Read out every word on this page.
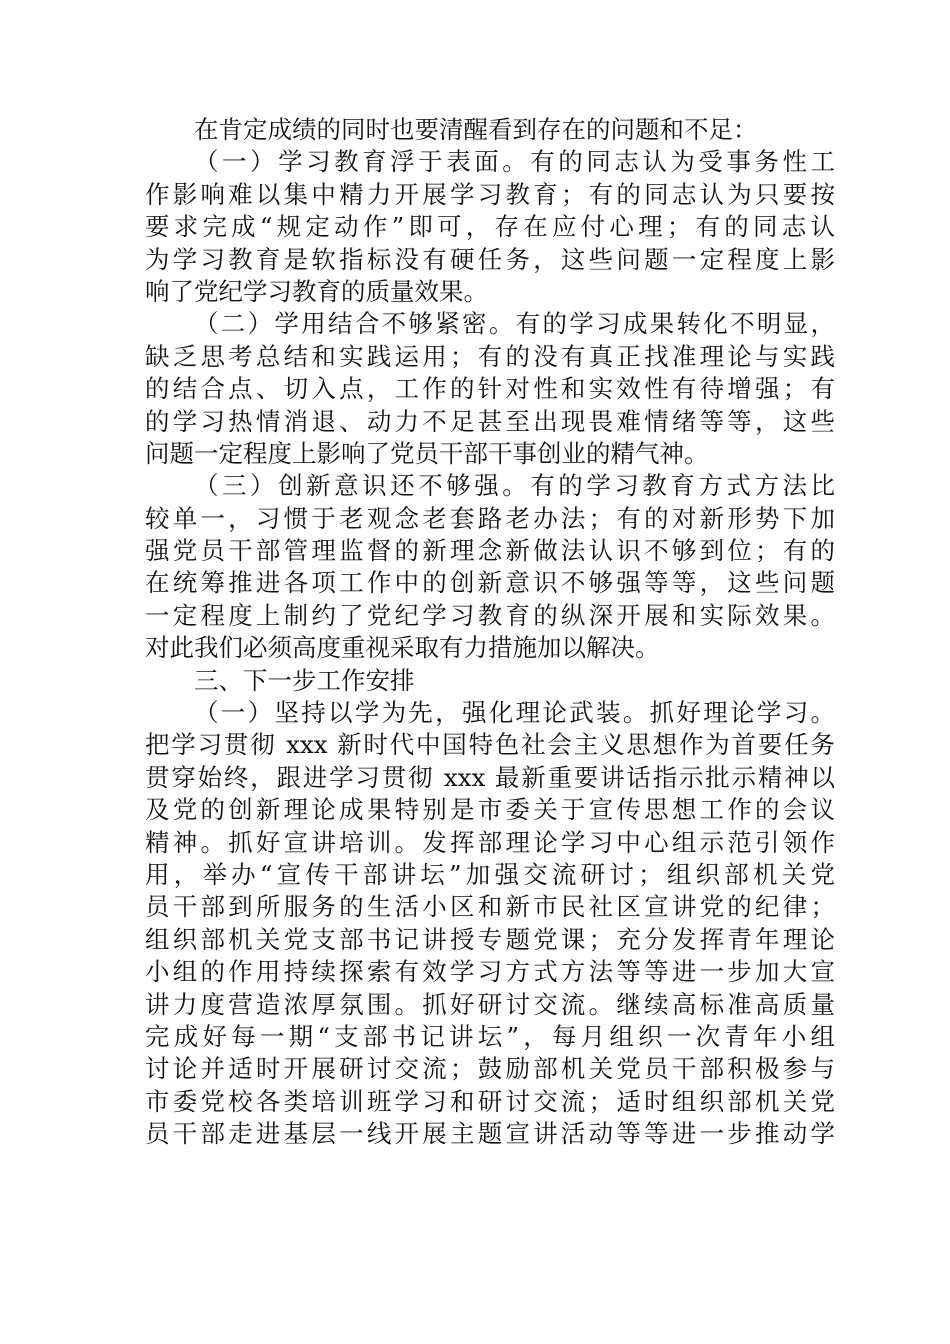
在肯定成绩的同时也要清醒看到存在的问题和不足：
（一）学习教育浮于表面。有的同志认为受事务性工
作影响难以集中精力开展学习教育；有的同志认为只要按
要求完成“规定动作”即可，存在应付心理；有的同志认
为学习教育是软指标没有硬任务，这些问题一定程度上影
响了党纪学习教育的质量效果。
（二）学用结合不够紧密。有的学习成果转化不明显，
缺乏思考总结和实践运用；有的没有真正找准理论与实践
的结合点、切入点，工作的针对性和实效性有待增强；有
的学习热情消退、动力不足甚至出现畏难情绪等等，这些
问题一定程度上影响了党员干部干事创业的精气神。
（三）创新意识还不够强。有的学习教育方式方法比
较单一，习惯于老观念老套路老办法；有的对新形势下加
强党员干部管理监督的新理念新做法认识不够到位；有的
在统筹推进各项工作中的创新意识不够强等等，这些问题
一定程度上制约了党纪学习教育的纵深开展和实际效果。
对此我们必须高度重视采取有力措施加以解决。
三、下一步工作安排
（一）坚持以学为先，强化理论武装。抓好理论学习。
把学习贯彻 xxx 新时代中国特色社会主义思想作为首要任务
贯穿始终，跟进学习贯彻 xxx 最新重要讲话指示批示精神以
及党的创新理论成果特别是市委关于宣传思想工作的会议
精神。抓好宣讲培训。发挥部理论学习中心组示范引领作
用，举办“宣传干部讲坛”加强交流研讨；组织部机关党
员干部到所服务的生活小区和新市民社区宣讲党的纪律；
组织部机关党支部书记讲授专题党课；充分发挥青年理论
小组的作用持续探索有效学习方式方法等等进一步加大宣
讲力度营造浓厚氛围。抓好研讨交流。继续高标准高质量
完成好每一期“支部书记讲坛”，每月组织一次青年小组
讨论并适时开展研讨交流；鼓励部机关党员干部积极参与
市委党校各类培训班学习和研讨交流；适时组织部机关党
员干部走进基层一线开展主题宣讲活动等等进一步推动学
